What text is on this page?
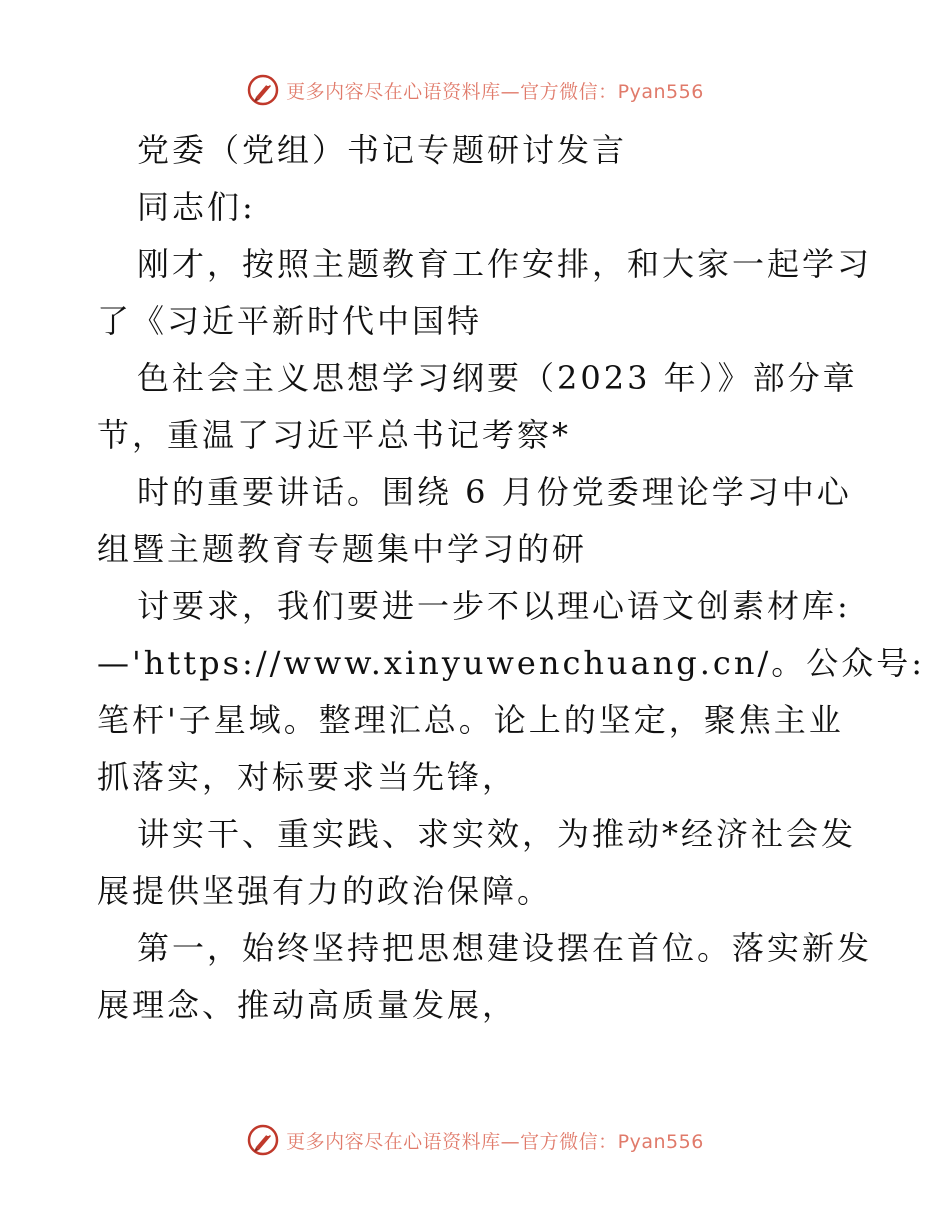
更多内容尽在心语资料库—官方微信：Pyan556
党委（党组）书记专题研讨发言
同志们:
刚才，按照主题教育工作安排，和大家一起学习
了《习近平新时代中国特
色社会主义思想学习纲要（2023 年）》部分章
节，重温了习近平总书记考察*
时的重要讲话。围绕 6 月份党委理论学习中心
组暨主题教育专题集中学习的研
讨要求，我们要进一步不以理心语文创素材库:
—'https://www.xinyuwenchuang.cn/。公众号:
笔杆'子星域。整理汇总。论上的坚定，聚焦主业
抓落实，对标要求当先锋，
讲实干、重实践、求实效，为推动*经济社会发
展提供坚强有力的政治保障。
第一，始终坚持把思想建设摆在首位。落实新发
展理念、推动高质量发展，
更多内容尽在心语资料库—官方微信：Pyan556
